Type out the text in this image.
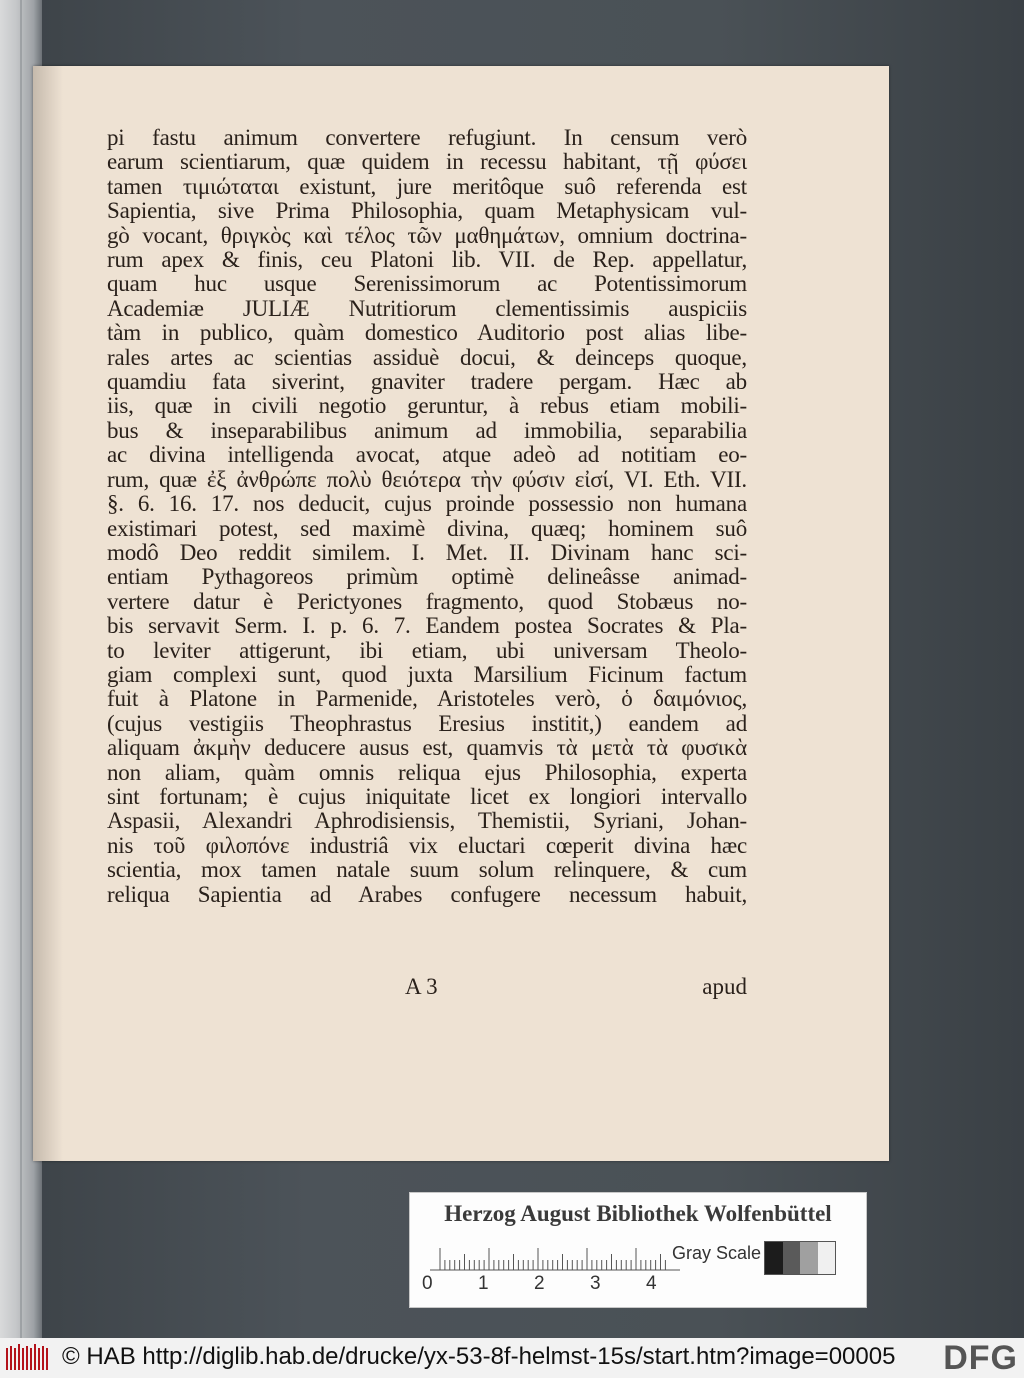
pi fastu animum convertere refugiunt. In censum verò
earum scientiarum, quæ quidem in recessu habitant, τῇ φύσει
tamen τιμιώταται existunt, jure meritôque suô referenda est
Sapientia, sive Prima Philosophia, quam Metaphysicam vul-
gò vocant, θριγκὸς καὶ τέλος τῶν μαθημάτων, omnium doctrina-
rum apex & finis, ceu Platoni lib. VII. de Rep. appellatur,
quam huc usque Serenissimorum ac Potentissimorum
Academiæ JULIÆ Nutritiorum clementissimis auspiciis
tàm in publico, quàm domestico Auditorio post alias libe-
rales artes ac scientias assiduè docui, & deinceps quoque,
quamdiu fata siverint, gnaviter tradere pergam. Hæc ab
iis, quæ in civili negotio geruntur, à rebus etiam mobili-
bus & inseparabilibus animum ad immobilia, separabilia
ac divina intelligenda avocat, atque adeò ad notitiam eo-
rum, quæ ἐξ ἀνθρώπε πολὺ θειότερα τὴν φύσιν εἰσί, VI. Eth. VII.
§. 6. 16. 17. nos deducit, cujus proinde possessio non humana
existimari potest, sed maximè divina, quæq; hominem suô
modô Deo reddit similem. I. Met. II. Divinam hanc sci-
entiam Pythagoreos primùm optimè delineâsse animad-
vertere datur è Perictyones fragmento, quod Stobæus no-
bis servavit Serm. I. p. 6. 7. Eandem postea Socrates & Pla-
to leviter attigerunt, ibi etiam, ubi universam Theolo-
giam complexi sunt, quod juxta Marsilium Ficinum factum
fuit à Platone in Parmenide, Aristoteles verò, ὁ δαιμόνιος,
(cujus vestigiis Theophrastus Eresius institit,) eandem ad
aliquam ἀκμὴν deducere ausus est, quamvis τὰ μετὰ τὰ φυσικὰ
non aliam, quàm omnis reliqua ejus Philosophia, experta
sint fortunam; è cujus iniquitate licet ex longiori intervallo
Aspasii, Alexandri Aphrodisiensis, Themistii, Syriani, Johan-
nis τοῦ φιλοπόνε industriâ vix eluctari cœperit divina hæc
scientia, mox tamen natale suum solum relinquere, & cum
reliqua Sapientia ad Arabes confugere necessum habuit,
A 3	apud
Herzog August Bibliothek Wolfenbüttel
0 1 2 3 4
Gray Scale
© HAB http://diglib.hab.de/drucke/yx-53-8f-helmst-15s/start.htm?image=00005 DFG
